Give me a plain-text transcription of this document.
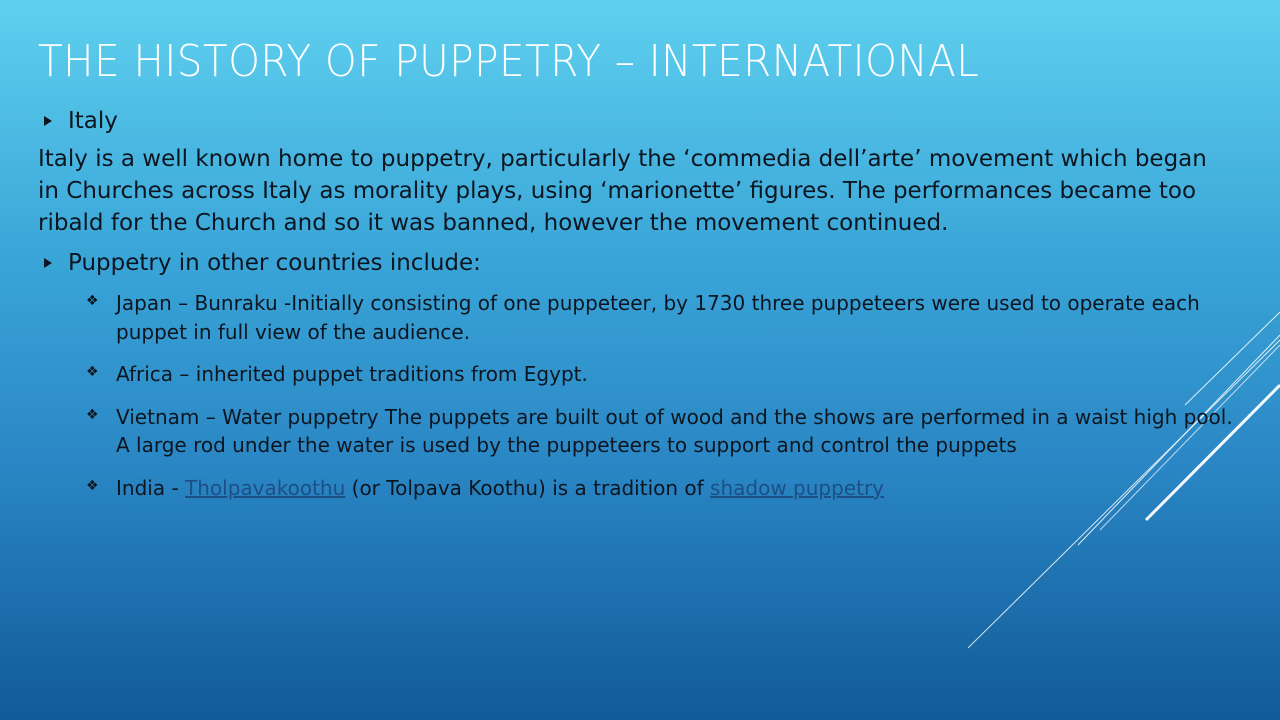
THE HISTORY OF PUPPETRY – INTERNATIONAL

Italy

Italy is a well known home to puppetry, particularly the ‘commedia dell’arte’ movement which began in Churches across Italy as morality plays, using ‘marionette’ figures. The performances became too ribald for the Church and so it was banned, however the movement continued.

Puppetry in other countries include:

❖ Japan – Bunraku -Initially consisting of one puppeteer, by 1730 three puppeteers were used to operate each puppet in full view of the audience.
❖ Africa – inherited puppet traditions from Egypt.
❖ Vietnam – Water puppetry The puppets are built out of wood and the shows are performed in a waist high pool. A large rod under the water is used by the puppeteers to support and control the puppets
❖ India - Tholpavakoothu (or Tolpava Koothu) is a tradition of shadow puppetry
